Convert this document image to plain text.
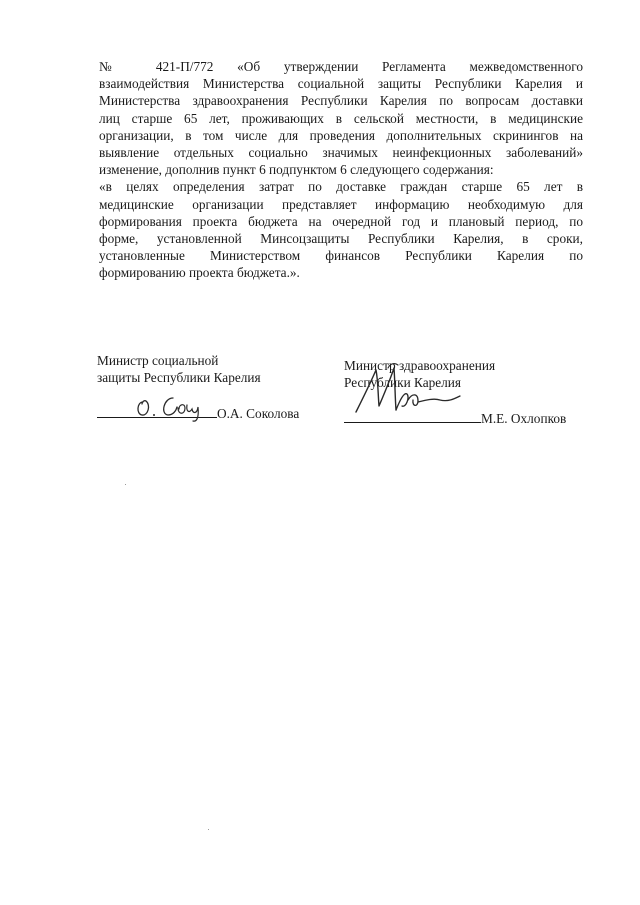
№ 421-П/772 «Об утверждении Регламента межведомственного
взаимодействия Министерства социальной защиты Республики Карелия и
Министерства здравоохранения Республики Карелия по вопросам доставки
лиц старше 65 лет, проживающих в сельской местности, в медицинские
организации, в том числе для проведения дополнительных скринингов на
выявление отдельных социально значимых неинфекционных заболеваний»
изменение, дополнив пункт 6 подпунктом 6 следующего содержания:
«в целях определения затрат по доставке граждан старше 65 лет в
медицинские организации представляет информацию необходимую для
формирования проекта бюджета на очередной год и плановый период, по
форме, установленной Минсоцзащиты Республики Карелия, в сроки,
установленные Министерством финансов Республики Карелия по
формированию проекта бюджета.».
Министр социальной
защиты Республики Карелия
О.А. Соколова
Министр здравоохранения
Республики Карелия
М.Е. Охлопков
